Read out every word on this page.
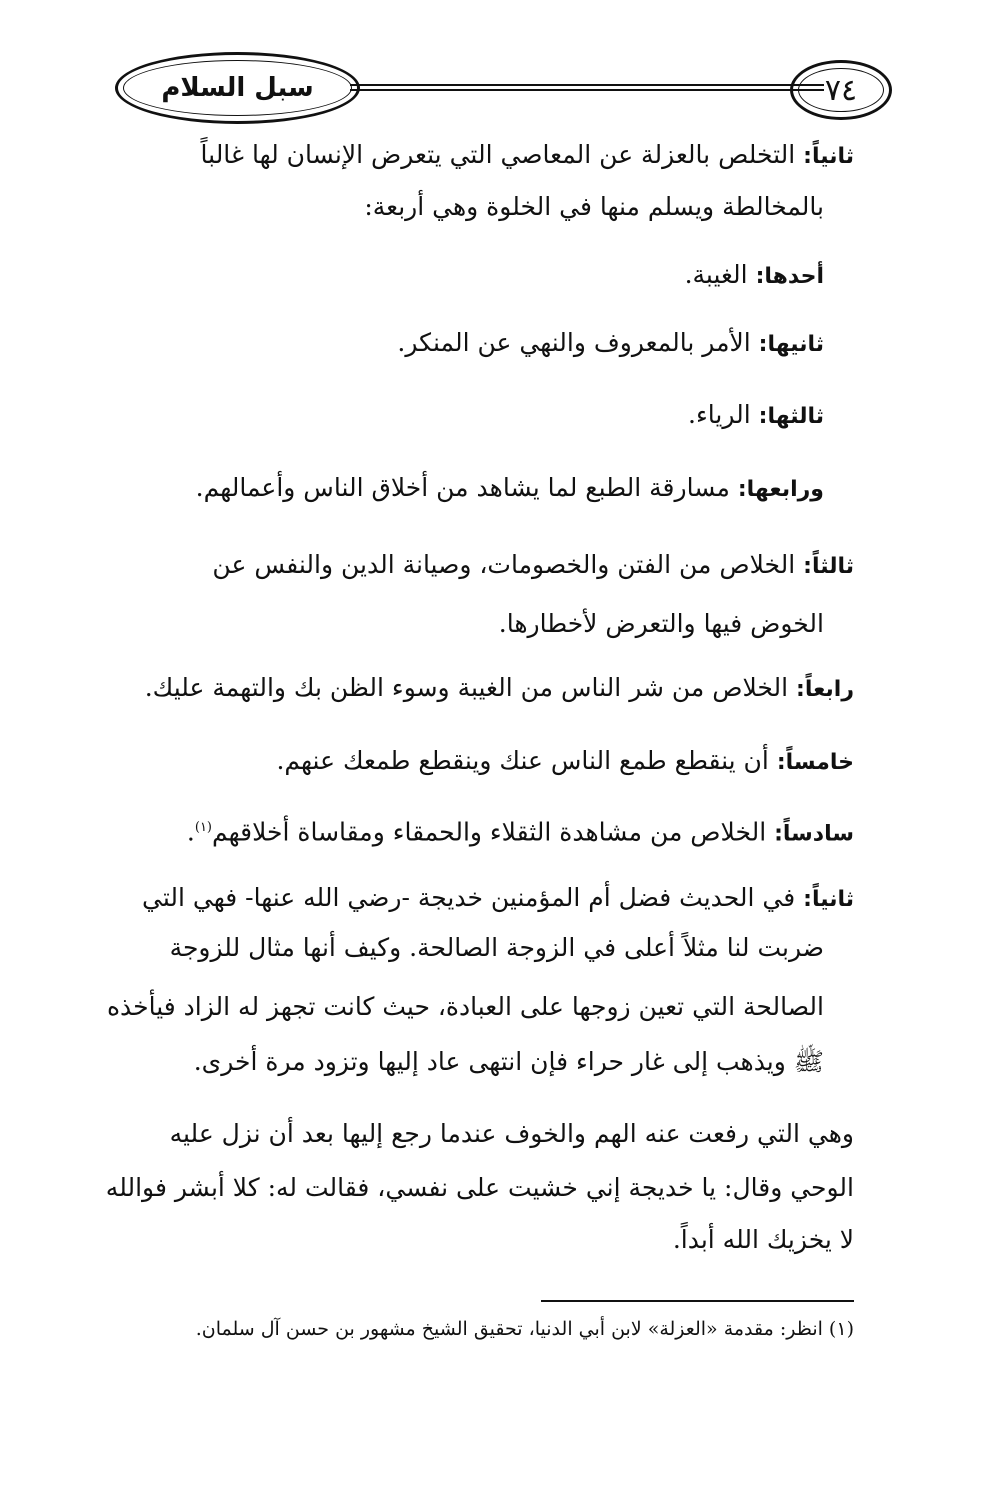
سبل السلام	٧٤
ثانياً: التخلص بالعزلة عن المعاصي التي يتعرض الإنسان لها غالباً
بالمخالطة ويسلم منها في الخلوة وهي أربعة:
أحدها: الغيبة.
ثانيها: الأمر بالمعروف والنهي عن المنكر.
ثالثها: الرياء.
ورابعها: مسارقة الطبع لما يشاهد من أخلاق الناس وأعمالهم.
ثالثاً: الخلاص من الفتن والخصومات، وصيانة الدين والنفس عن
الخوض فيها والتعرض لأخطارها.
رابعاً: الخلاص من شر الناس من الغيبة وسوء الظن بك والتهمة عليك.
خامساً: أن ينقطع طمع الناس عنك وينقطع طمعك عنهم.
سادساً: الخلاص من مشاهدة الثقلاء والحمقاء ومقاساة أخلاقهم$^{(١)}$.
ثانياً: في الحديث فضل أم المؤمنين خديجة -رضي الله عنها- فهي التي
ضربت لنا مثلاً أعلى في الزوجة الصالحة. وكيف أنها مثال للزوجة
الصالحة التي تعين زوجها على العبادة، حيث كانت تجهز له الزاد فيأخذه
ﷺ ويذهب إلى غار حراء فإن انتهى عاد إليها وتزود مرة أخرى.
وهي التي رفعت عنه الهم والخوف عندما رجع إليها بعد أن نزل عليه
الوحي وقال: يا خديجة إني خشيت على نفسي، فقالت له: كلا أبشر فوالله
لا يخزيك الله أبداً.
(١) انظر: مقدمة «العزلة» لابن أبي الدنيا، تحقيق الشيخ مشهور بن حسن آل سلمان.
